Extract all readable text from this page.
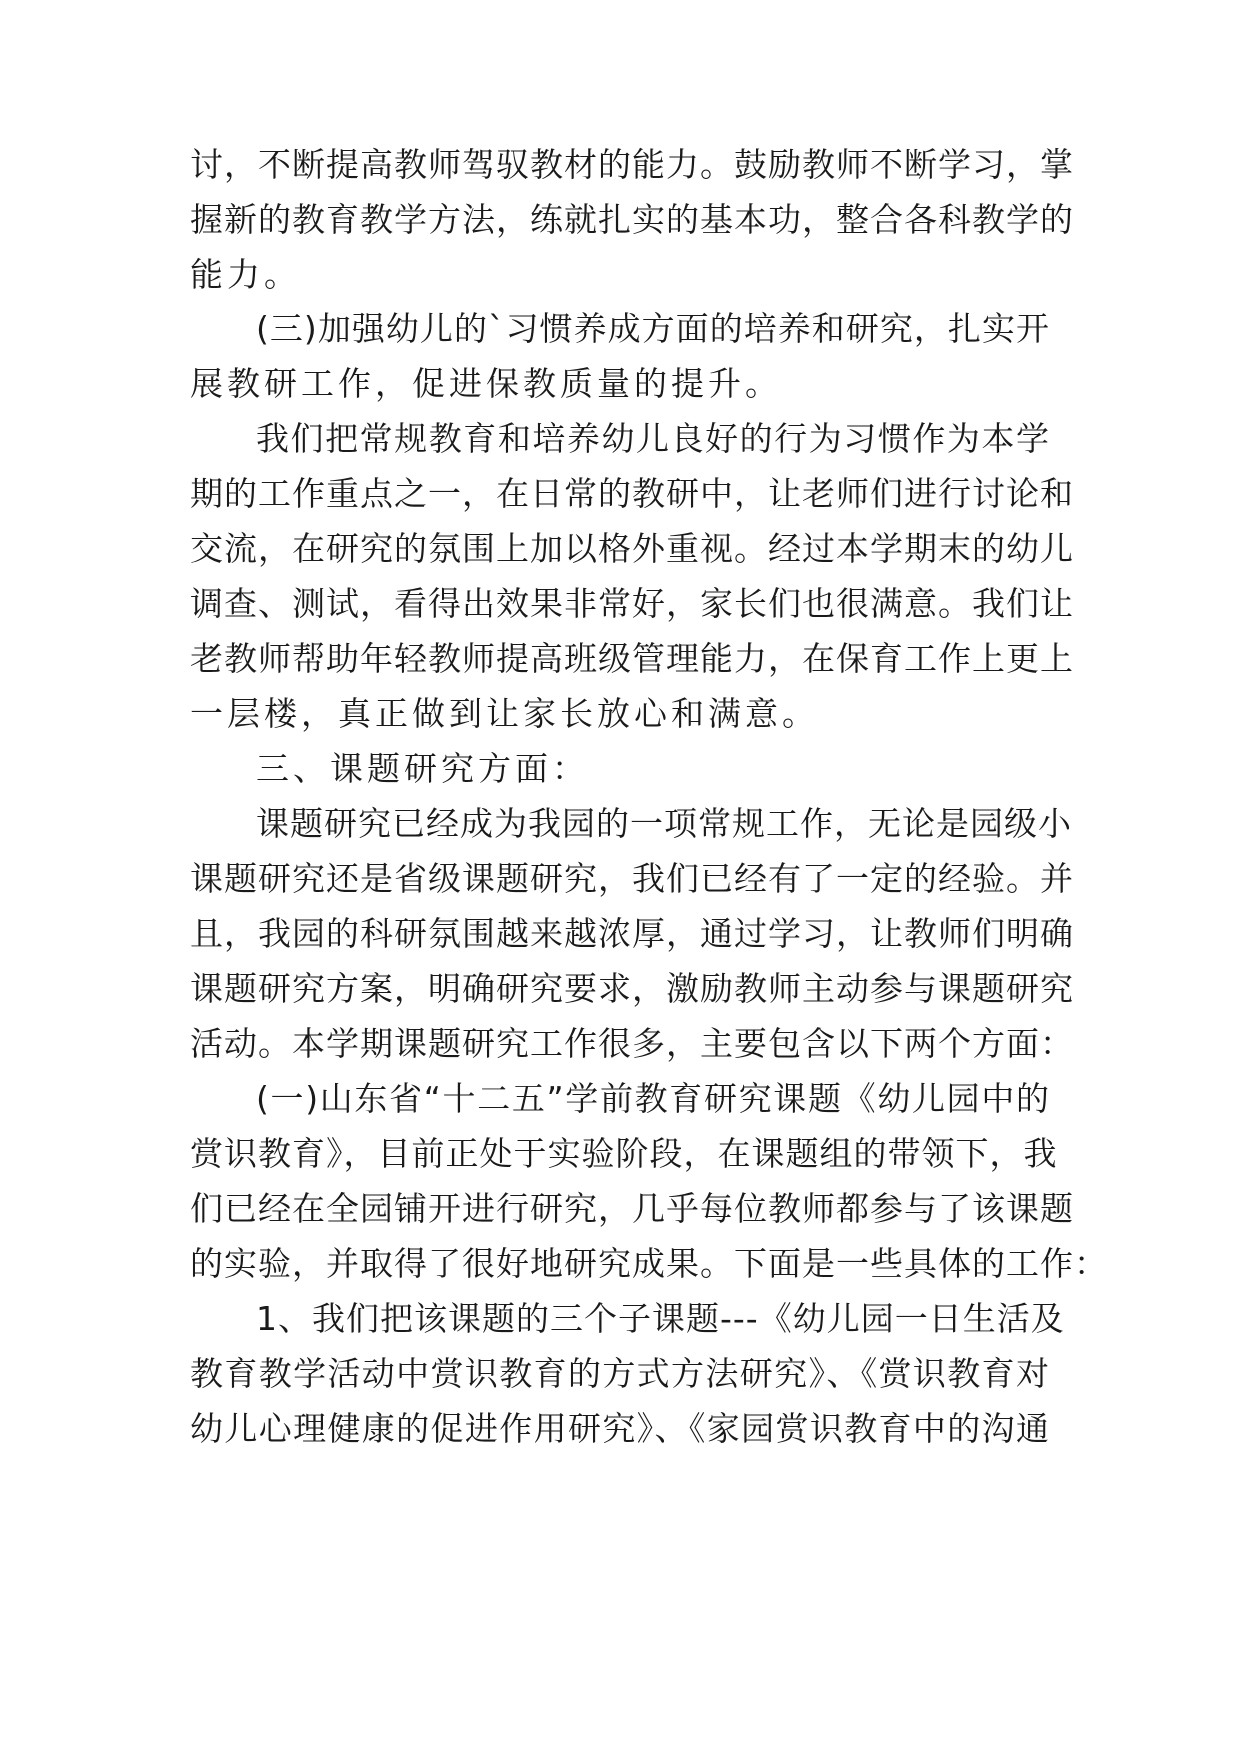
讨，不断提高教师驾驭教材的能力。鼓励教师不断学习，掌
握新的教育教学方法，练就扎实的基本功，整合各科教学的
能力。
(三)加强幼儿的`习惯养成方面的培养和研究，扎实开
展教研工作，促进保教质量的提升。
我们把常规教育和培养幼儿良好的行为习惯作为本学
期的工作重点之一，在日常的教研中，让老师们进行讨论和
交流，在研究的氛围上加以格外重视。经过本学期末的幼儿
调查、测试，看得出效果非常好，家长们也很满意。我们让
老教师帮助年轻教师提高班级管理能力，在保育工作上更上
一层楼，真正做到让家长放心和满意。
三、课题研究方面：
课题研究已经成为我园的一项常规工作，无论是园级小
课题研究还是省级课题研究，我们已经有了一定的经验。并
且，我园的科研氛围越来越浓厚，通过学习，让教师们明确
课题研究方案，明确研究要求，激励教师主动参与课题研究
活动。本学期课题研究工作很多，主要包含以下两个方面：
(一)山东省“十二五”学前教育研究课题《幼儿园中的
赏识教育》，目前正处于实验阶段，在课题组的带领下，我
们已经在全园铺开进行研究，几乎每位教师都参与了该课题
的实验，并取得了很好地研究成果。下面是一些具体的工作：
1、我们把该课题的三个子课题---《幼儿园一日生活及
教育教学活动中赏识教育的方式方法研究》、《赏识教育对
幼儿心理健康的促进作用研究》、《家园赏识教育中的沟通
